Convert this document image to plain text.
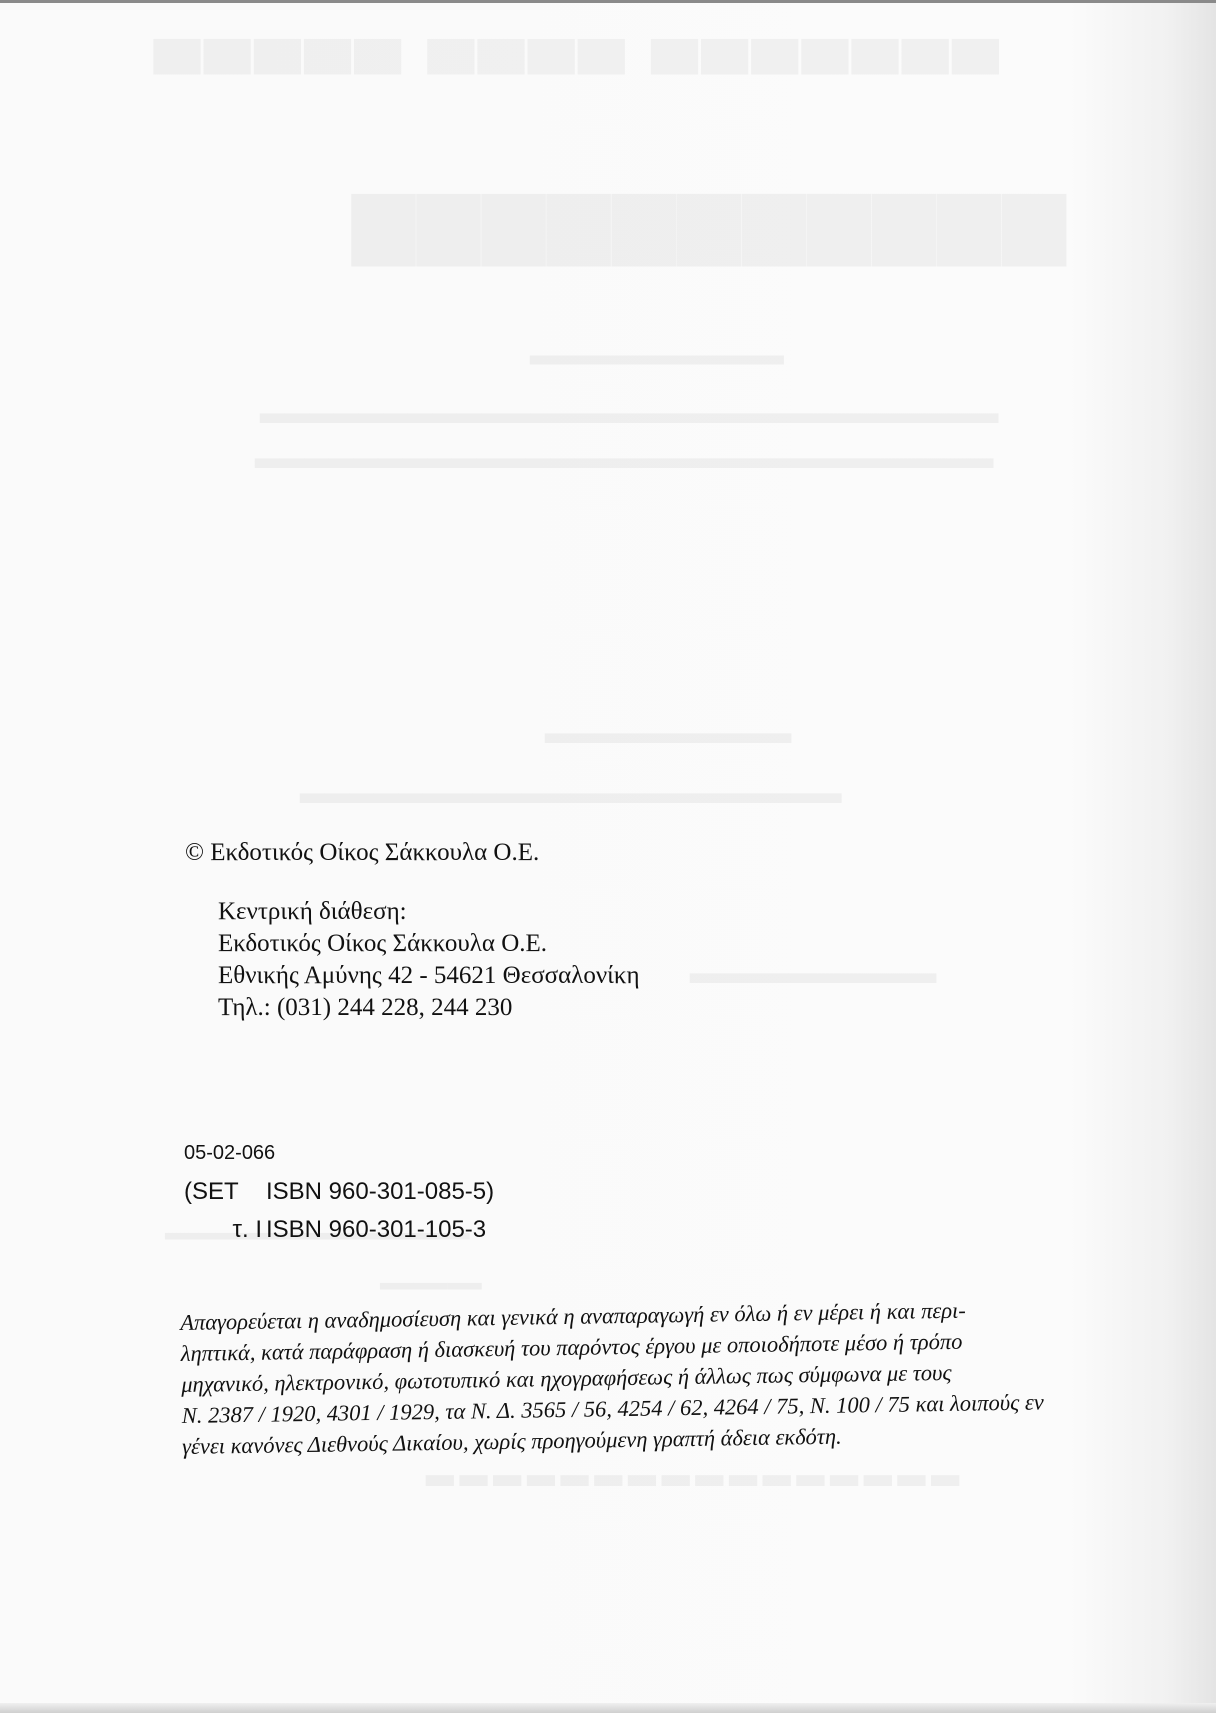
© Εκδοτικός Οίκος Σάκκουλα Ο.Ε.
Κεντρική διάθεση:
Εκδοτικός Οίκος Σάκκουλα Ο.Ε.
Εθνικής Αμύνης 42 - 54621 Θεσσαλονίκη
Τηλ.: (031) 244 228, 244 230
05-02-066
(SET ISBN 960-301-085-5)
τ. Ι ISBN 960-301-105-3
Απαγορεύεται η αναδημοσίευση και γενικά η αναπαραγωγή εν όλω ή εν μέρει ή και περι-
ληπτικά, κατά παράφραση ή διασκευή του παρόντος έργου με οποιοδήποτε μέσο ή τρόπο
μηχανικό, ηλεκτρονικό, φωτοτυπικό και ηχογραφήσεως ή άλλως πως σύμφωνα με τους
Ν. 2387 / 1920, 4301 / 1929, τα Ν. Δ. 3565 / 56, 4254 / 62, 4264 / 75, Ν. 100 / 75 και λοιπούς εν
γένει κανόνες Διεθνούς Δικαίου, χωρίς προηγούμενη γραπτή άδεια εκδότη.
